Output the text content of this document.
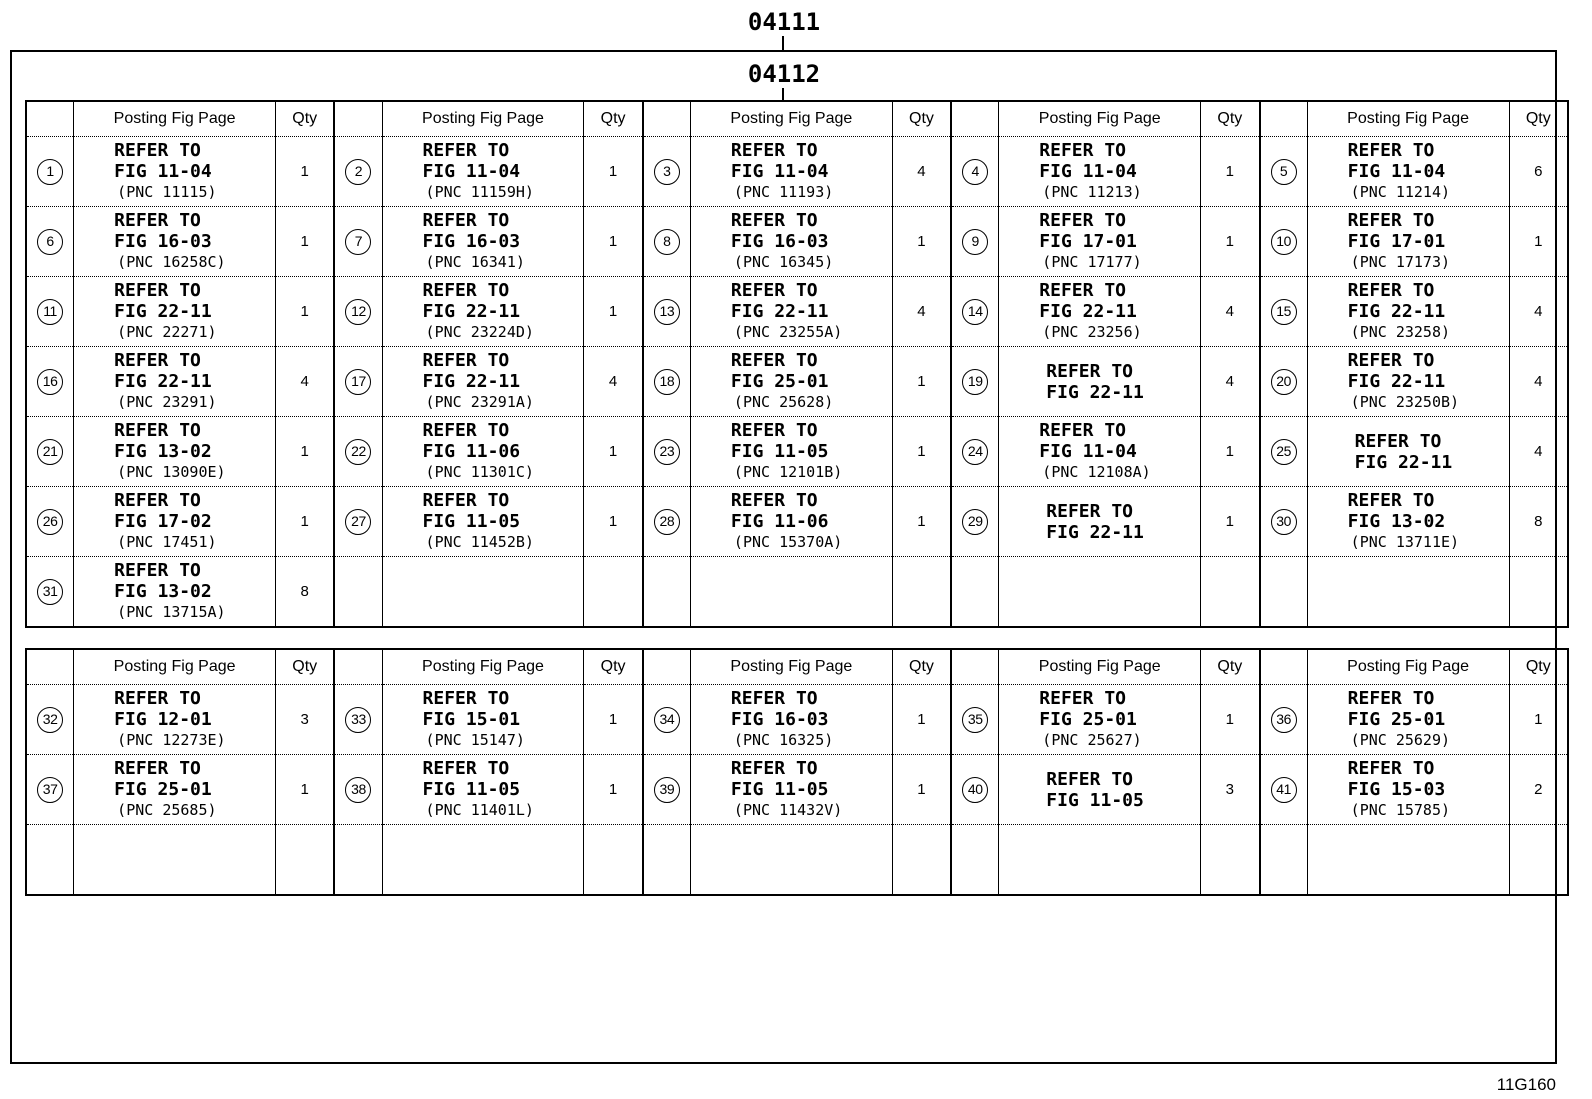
04111
04112
	Posting Fig Page	Qty		Posting Fig Page	Qty		Posting Fig Page	Qty		Posting Fig Page	Qty		Posting Fig Page	Qty

1	REFER TO
FIG 11-04
(PNC 11115)	1	2	REFER TO
FIG 11-04
(PNC 11159H)	1	3	REFER TO
FIG 11-04
(PNC 11193)	4	4	REFER TO
FIG 11-04
(PNC 11213)	1	5	REFER TO
FIG 11-04
(PNC 11214)	6

6	REFER TO
FIG 16-03
(PNC 16258C)	1	7	REFER TO
FIG 16-03
(PNC 16341)	1	8	REFER TO
FIG 16-03
(PNC 16345)	1	9	REFER TO
FIG 17-01
(PNC 17177)	1	10	REFER TO
FIG 17-01
(PNC 17173)	1

11	REFER TO
FIG 22-11
(PNC 22271)	1	12	REFER TO
FIG 22-11
(PNC 23224D)	1	13	REFER TO
FIG 22-11
(PNC 23255A)	4	14	REFER TO
FIG 22-11
(PNC 23256)	4	15	REFER TO
FIG 22-11
(PNC 23258)	4

16	REFER TO
FIG 22-11
(PNC 23291)	4	17	REFER TO
FIG 22-11
(PNC 23291A)	4	18	REFER TO
FIG 25-01
(PNC 25628)	1	19	REFER TO
FIG 22-11	4	20	REFER TO
FIG 22-11
(PNC 23250B)	4

21	REFER TO
FIG 13-02
(PNC 13090E)	1	22	REFER TO
FIG 11-06
(PNC 11301C)	1	23	REFER TO
FIG 11-05
(PNC 12101B)	1	24	REFER TO
FIG 11-04
(PNC 12108A)	1	25	REFER TO
FIG 22-11	4

26	REFER TO
FIG 17-02
(PNC 17451)	1	27	REFER TO
FIG 11-05
(PNC 11452B)	1	28	REFER TO
FIG 11-06
(PNC 15370A)	1	29	REFER TO
FIG 22-11	1	30	REFER TO
FIG 13-02
(PNC 13711E)	8

31	REFER TO
FIG 13-02
(PNC 13715A)	8												
	Posting Fig Page	Qty		Posting Fig Page	Qty		Posting Fig Page	Qty		Posting Fig Page	Qty		Posting Fig Page	Qty

32	REFER TO
FIG 12-01
(PNC 12273E)	3	33	REFER TO
FIG 15-01
(PNC 15147)	1	34	REFER TO
FIG 16-03
(PNC 16325)	1	35	REFER TO
FIG 25-01
(PNC 25627)	1	36	REFER TO
FIG 25-01
(PNC 25629)	1

37	REFER TO
FIG 25-01
(PNC 25685)	1	38	REFER TO
FIG 11-05
(PNC 11401L)	1	39	REFER TO
FIG 11-05
(PNC 11432V)	1	40	REFER TO
FIG 11-05	3	41	REFER TO
FIG 15-03
(PNC 15785)	2

11G160
